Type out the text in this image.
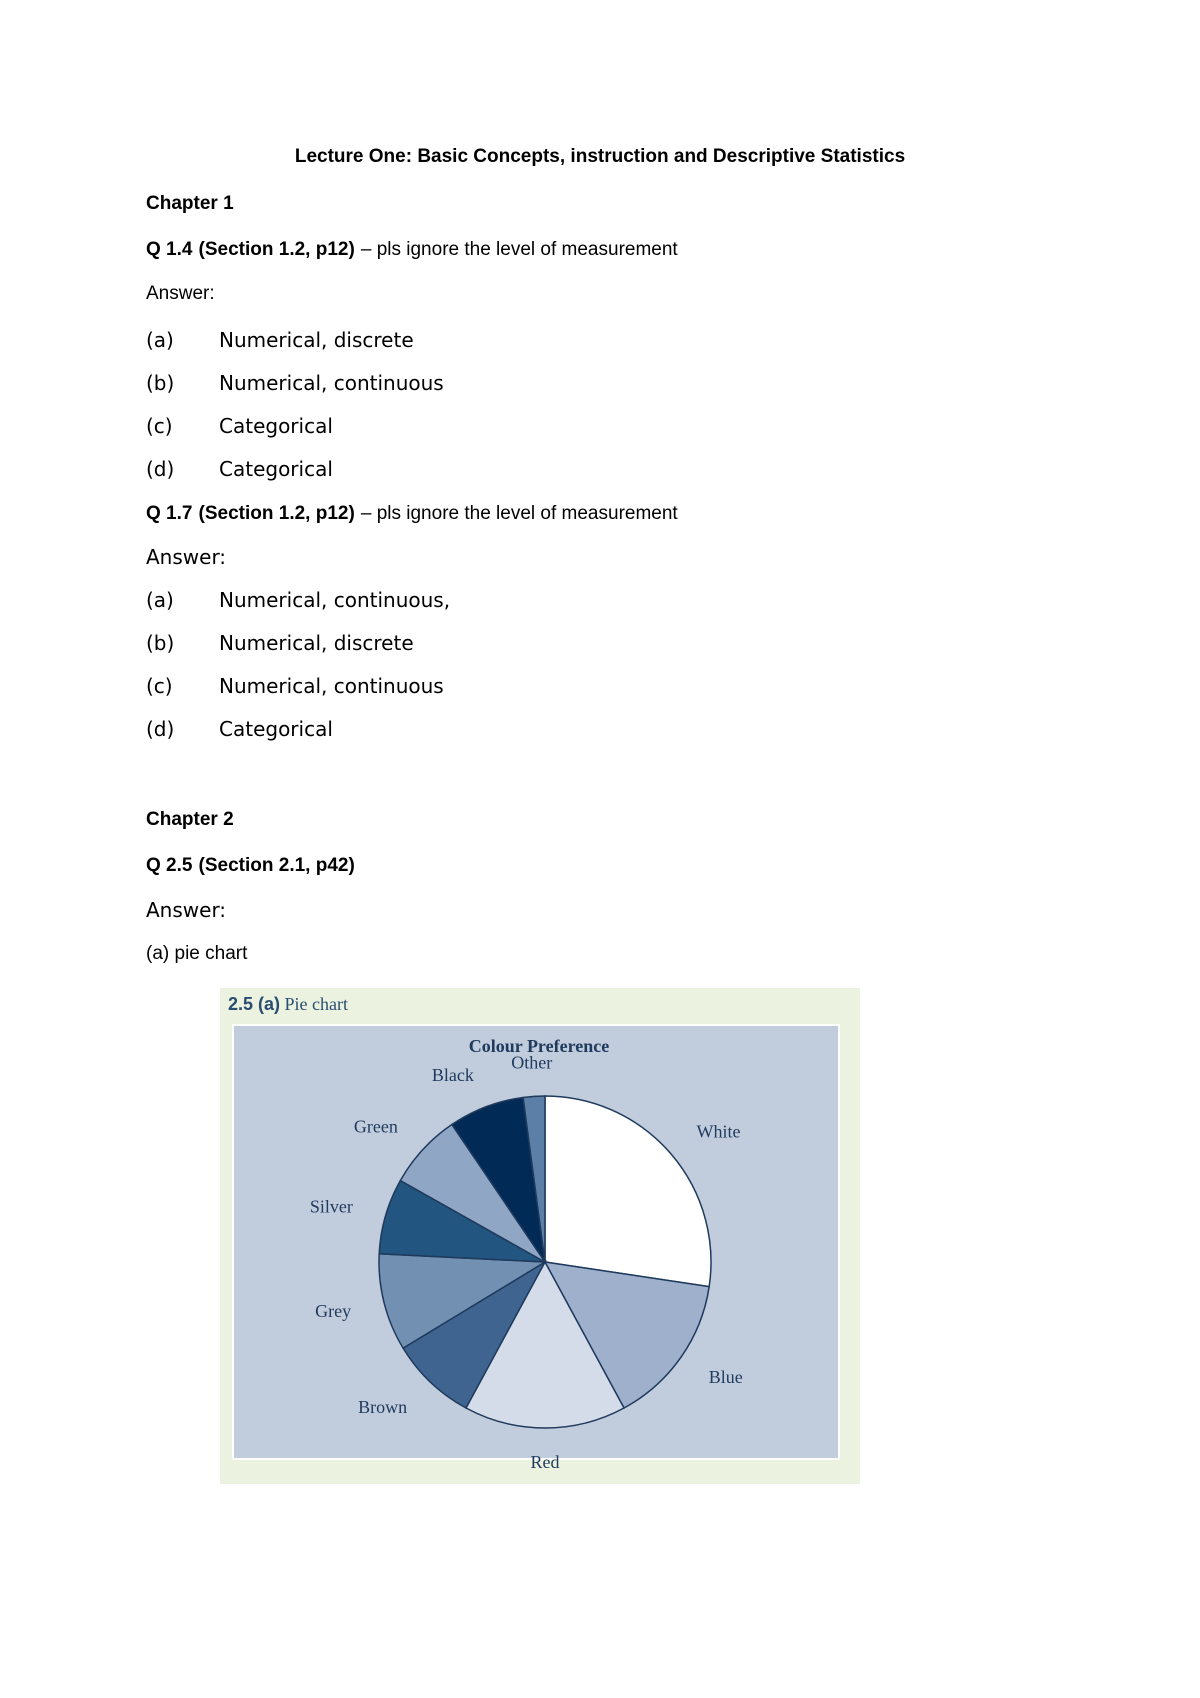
Lecture One: Basic Concepts, instruction and Descriptive Statistics
Chapter 1
Q 1.4 (Section 1.2, p12) – pls ignore the level of measurement
Answer:
(a) Numerical, discrete
(b) Numerical, continuous
(c) Categorical
(d) Categorical
Q 1.7 (Section 1.2, p12) – pls ignore the level of measurement
Answer:
(a) Numerical, continuous,
(b) Numerical, discrete
(c) Numerical, continuous
(d) Categorical
Chapter 2
Q 2.5 (Section 2.1, p42)
Answer:
(a) pie chart
2.5 (a) Pie chart
Colour Preference
White
Blue
Red
Brown
Grey
Silver
Green
Black
Other
